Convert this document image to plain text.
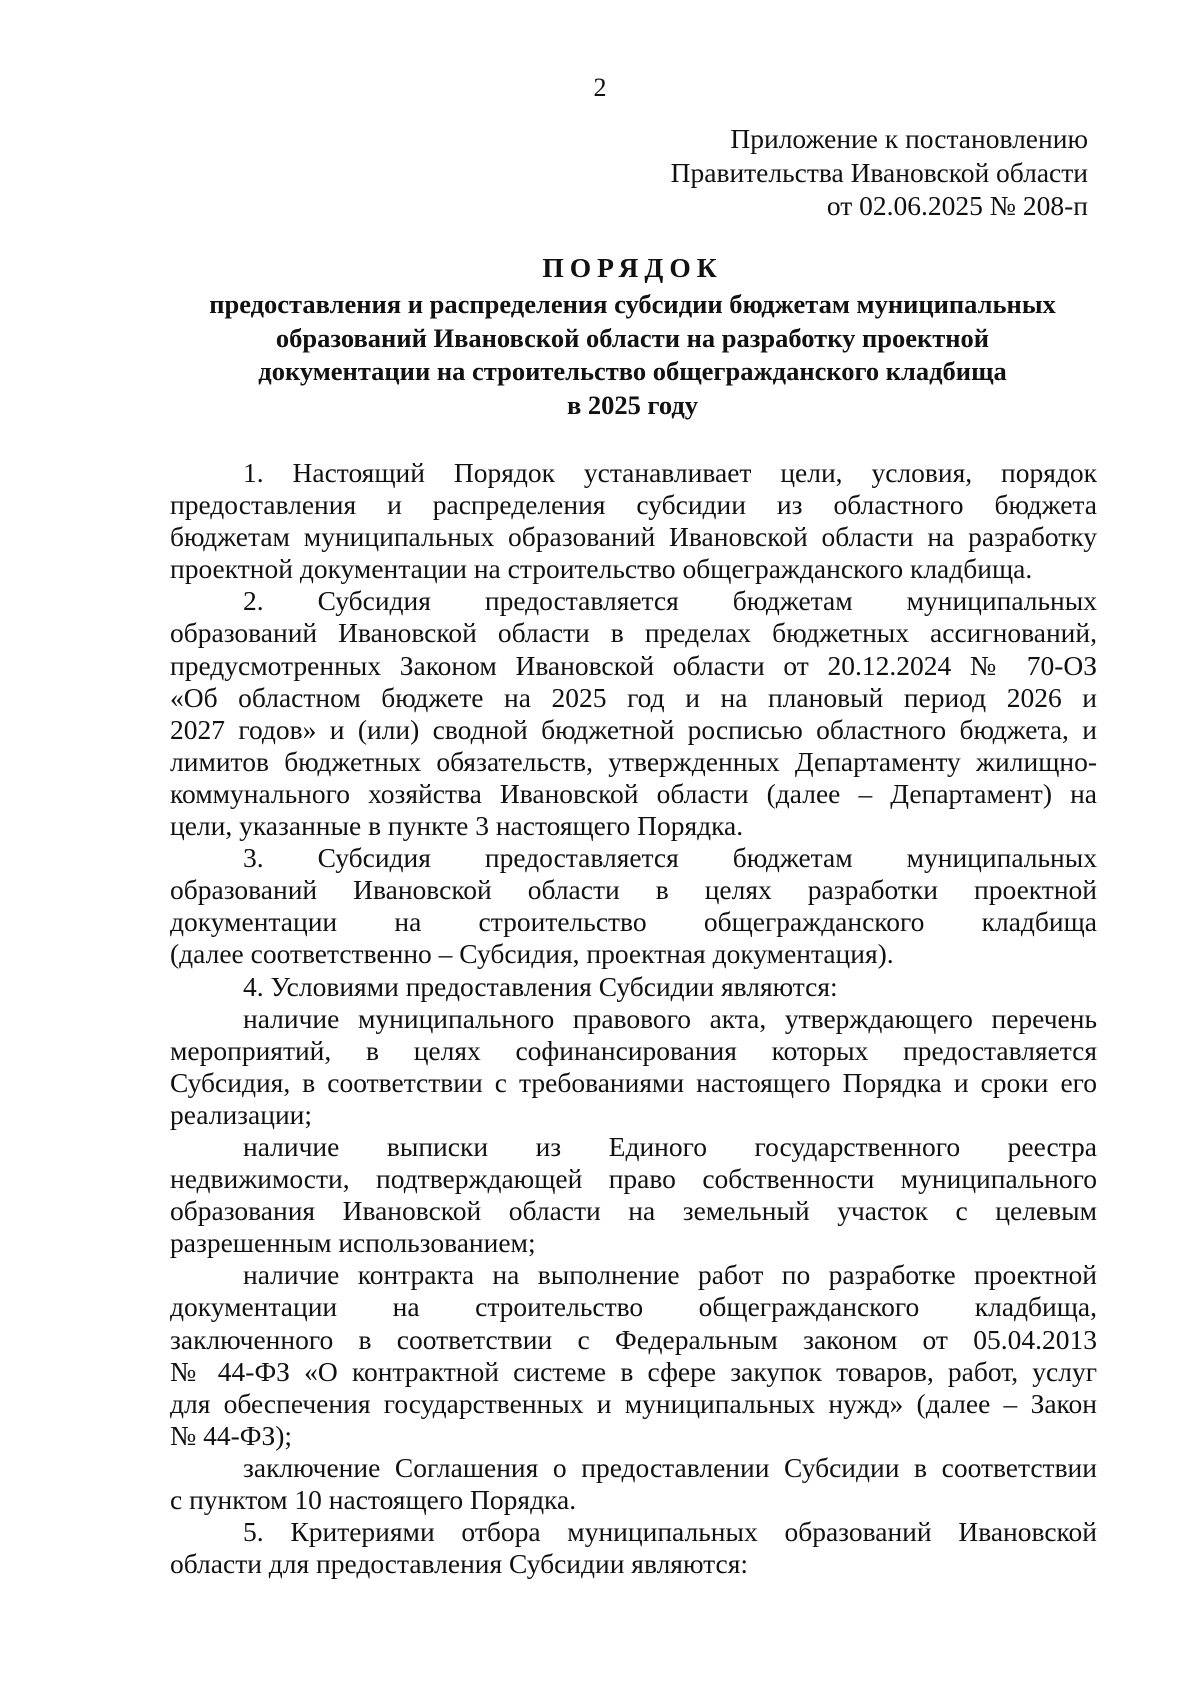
2
Приложение к постановлению
Правительства Ивановской области
от 02.06.2025 № 208-п
ПОРЯДОК
предоставления и распределения субсидии бюджетам муниципальных
образований Ивановской области на разработку проектной
документации на строительство общегражданского кладбища
в 2025 году
1. Настоящий Порядок устанавливает цели, условия, порядок
предоставления и распределения субсидии из областного бюджета
бюджетам муниципальных образований Ивановской области на разработку
проектной документации на строительство общегражданского кладбища.
2. Субсидия предоставляется бюджетам муниципальных
образований Ивановской области в пределах бюджетных ассигнований,
предусмотренных Законом Ивановской области от 20.12.2024 № 70-ОЗ
«Об областном бюджете на 2025 год и на плановый период 2026 и
2027 годов» и (или) сводной бюджетной росписью областного бюджета, и
лимитов бюджетных обязательств, утвержденных Департаменту жилищно-
коммунального хозяйства Ивановской области (далее – Департамент) на
цели, указанные в пункте 3 настоящего Порядка.
3. Субсидия предоставляется бюджетам муниципальных
образований Ивановской области в целях разработки проектной
документации на строительство общегражданского кладбища
(далее соответственно – Субсидия, проектная документация).
4. Условиями предоставления Субсидии являются:
наличие муниципального правового акта, утверждающего перечень
мероприятий, в целях софинансирования которых предоставляется
Субсидия, в соответствии с требованиями настоящего Порядка и сроки его
реализации;
наличие выписки из Единого государственного реестра
недвижимости, подтверждающей право собственности муниципального
образования Ивановской области на земельный участок с целевым
разрешенным использованием;
наличие контракта на выполнение работ по разработке проектной
документации на строительство общегражданского кладбища,
заключенного в соответствии с Федеральным законом от 05.04.2013
№ 44-ФЗ «О контрактной системе в сфере закупок товаров, работ, услуг
для обеспечения государственных и муниципальных нужд» (далее – Закон
№ 44-ФЗ);
заключение Соглашения о предоставлении Субсидии в соответствии
с пунктом 10 настоящего Порядка.
5. Критериями отбора муниципальных образований Ивановской
области для предоставления Субсидии являются:
